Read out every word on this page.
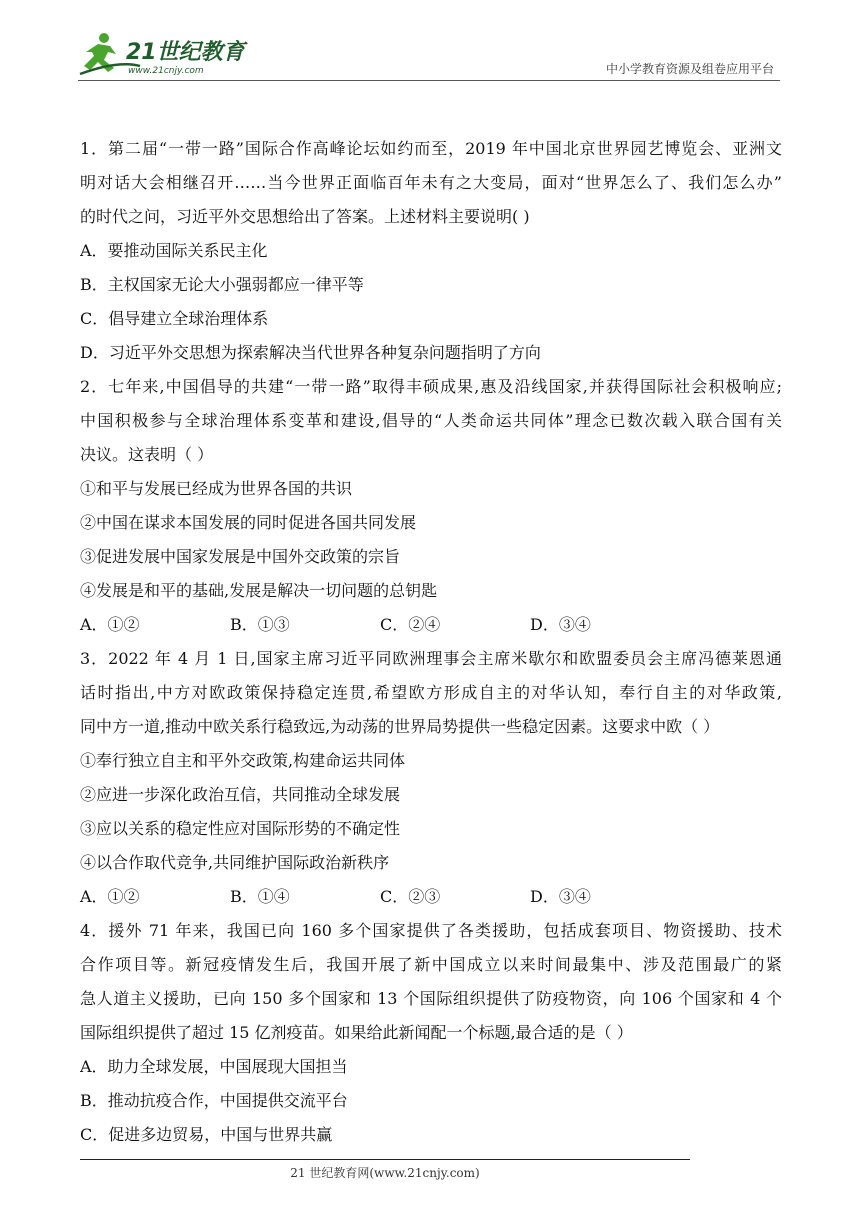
21世纪教育
www.21cnjy.com	中小学教育资源及组卷应用平台
1．第二届“一带一路”国际合作高峰论坛如约而至，2019 年中国北京世界园艺博览会、亚洲文
明对话大会相继召开……当今世界正面临百年未有之大变局，面对“世界怎么了、我们怎么办”
的时代之问，习近平外交思想给出了答案。上述材料主要说明( )
A．要推动国际关系民主化
B．主权国家无论大小强弱都应一律平等
C．倡导建立全球治理体系
D．习近平外交思想为探索解决当代世界各种复杂问题指明了方向
2．七年来,中国倡导的共建“一带一路”取得丰硕成果,惠及沿线国家,并获得国际社会积极响应;
中国积极参与全球治理体系变革和建设,倡导的“人类命运共同体”理念已数次载入联合国有关
决议。这表明（ ）
①和平与发展已经成为世界各国的共识
②中国在谋求本国发展的同时促进各国共同发展
③促进发展中国家发展是中国外交政策的宗旨
④发展是和平的基础,发展是解决一切问题的总钥匙
A．①②	B．①③	C．②④	D．③④
3．2022 年 4 月 1 日,国家主席习近平同欧洲理事会主席米歇尔和欧盟委员会主席冯德莱恩通
话时指出,中方对欧政策保持稳定连贯,希望欧方形成自主的对华认知，奉行自主的对华政策,
同中方一道,推动中欧关系行稳致远,为动荡的世界局势提供一些稳定因素。这要求中欧（ ）
①奉行独立自主和平外交政策,构建命运共同体
②应进一步深化政治互信，共同推动全球发展
③应以关系的稳定性应对国际形势的不确定性
④以合作取代竞争,共同维护国际政治新秩序
A．①②	B．①④	C．②③	D．③④
4．援外 71 年来，我国已向 160 多个国家提供了各类援助，包括成套项目、物资援助、技术
合作项目等。新冠疫情发生后，我国开展了新中国成立以来时间最集中、涉及范围最广的紧
急人道主义援助，已向 150 多个国家和 13 个国际组织提供了防疫物资，向 106 个国家和 4 个
国际组织提供了超过 15 亿剂疫苗。如果给此新闻配一个标题,最合适的是（ ）
A．助力全球发展，中国展现大国担当
B．推动抗疫合作，中国提供交流平台
C．促进多边贸易，中国与世界共赢
21 世纪教育网(www.21cnjy.com)
